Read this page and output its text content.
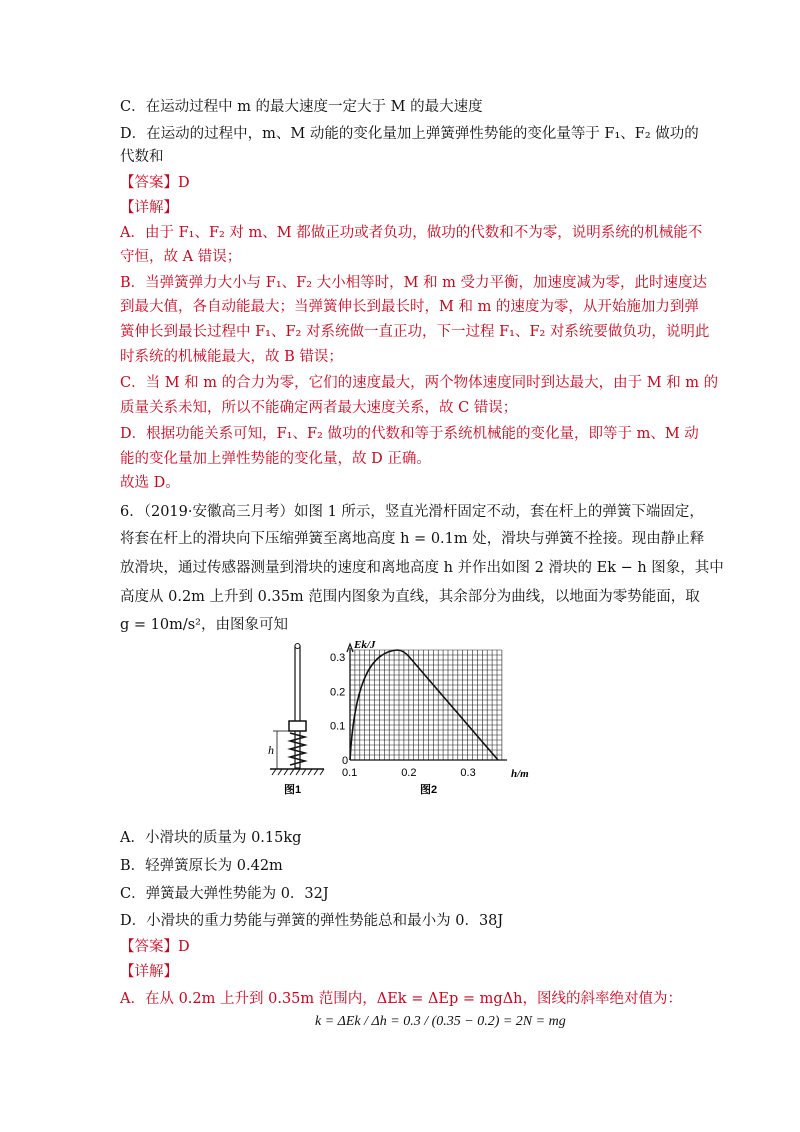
C．在运动过程中 m 的最大速度一定大于 M 的最大速度
D．在运动的过程中，m、M 动能的变化量加上弹簧弹性势能的变化量等于 F₁、F₂ 做功的
代数和
【答案】D
【详解】
A．由于 F₁、F₂ 对 m、M 都做正功或者负功，做功的代数和不为零，说明系统的机械能不
守恒，故 A 错误；
B．当弹簧弹力大小与 F₁、F₂ 大小相等时，M 和 m 受力平衡，加速度减为零，此时速度达
到最大值，各自动能最大；当弹簧伸长到最长时，M 和 m 的速度为零，从开始施加力到弹
簧伸长到最长过程中 F₁、F₂ 对系统做一直正功，下一过程 F₁、F₂ 对系统要做负功，说明此
时系统的机械能最大，故 B 错误；
C．当 M 和 m 的合力为零，它们的速度最大，两个物体速度同时到达最大，由于 M 和 m 的
质量关系未知，所以不能确定两者最大速度关系，故 C 错误；
D．根据功能关系可知，F₁、F₂ 做功的代数和等于系统机械能的变化量，即等于 m、M 动
能的变化量加上弹性势能的变化量，故 D 正确。
故选 D。
6．（2019·安徽高三月考）如图 1 所示，竖直光滑杆固定不动，套在杆上的弹簧下端固定，
将套在杆上的滑块向下压缩弹簧至离地高度 h = 0.1m 处，滑块与弹簧不拴接。现由静止释
放滑块，通过传感器测量到滑块的速度和离地高度 h 并作出如图 2 滑块的 Ek − h 图象，其中
高度从 0.2m 上升到 0.35m 范围内图象为直线，其余部分为曲线，以地面为零势能面，取
g = 10m/s²，由图象可知
h
图1
0
0.1
0.2
0.3
0.1	0.2	0.3
Ek/J
h/m
图2
A．小滑块的质量为 0.15kg
B．轻弹簧原长为 0.42m
C．弹簧最大弹性势能为 0．32J
D．小滑块的重力势能与弹簧的弹性势能总和最小为 0．38J
【答案】D
【详解】
A．在从 0.2m 上升到 0.35m 范围内，ΔEk = ΔEp = mgΔh，图线的斜率绝对值为：
k = ΔEk / Δh = 0.3 / (0.35 − 0.2) = 2N = mg
